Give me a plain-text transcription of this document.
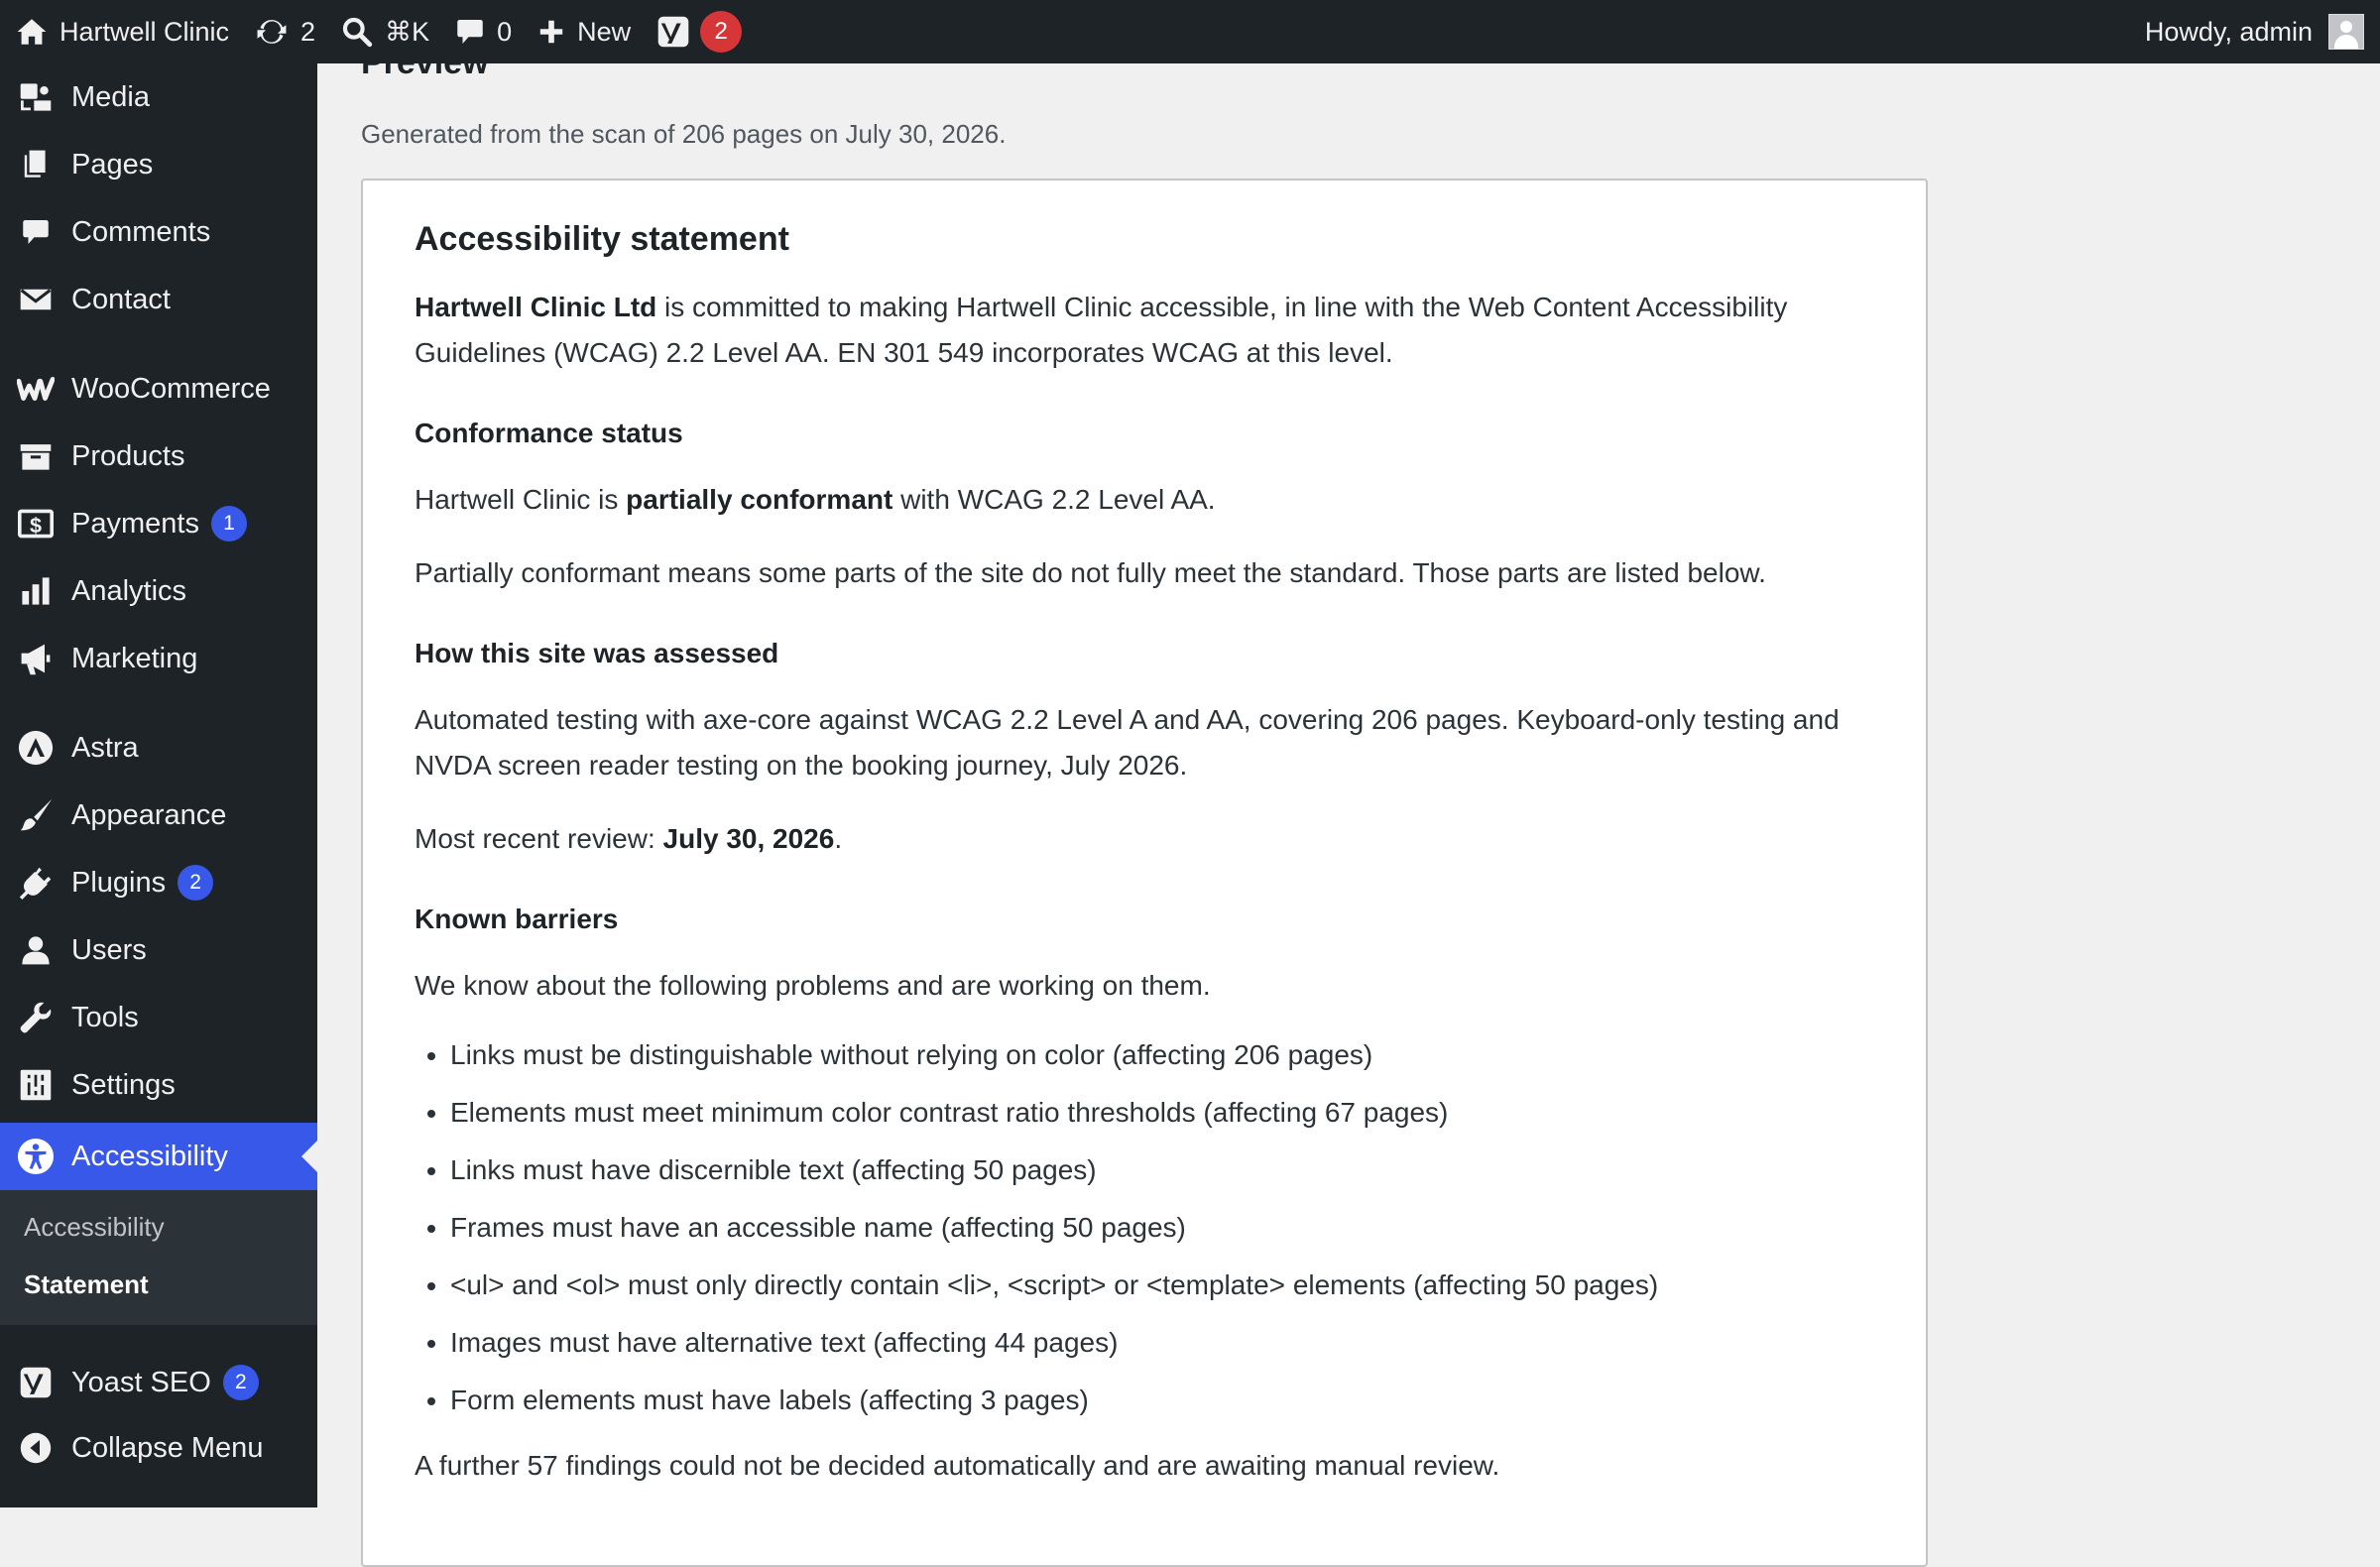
Hartwell Clinic	2	⌘K	0 New	2	Howdy, admin
Media
Pages
Comments
Contact
WooCommerce
Products
$ Payments	1
Analytics
Marketing
Astra
Appearance
Plugins	2
Users
Tools
Settings
Accessibility
Accessibility
Statement
Yoast SEO	2
Collapse Menu

Generated from the scan of 206 pages on July 30, 2026.

Accessibility statement

Hartwell Clinic Ltd is committed to making Hartwell Clinic accessible, in line with the Web Content Accessibility Guidelines (WCAG) 2.2 Level AA. EN 301 549 incorporates WCAG at this level.

Conformance status

Hartwell Clinic is partially conformant with WCAG 2.2 Level AA.

Partially conformant means some parts of the site do not fully meet the standard. Those parts are listed below.

How this site was assessed

Automated testing with axe-core against WCAG 2.2 Level A and AA, covering 206 pages. Keyboard-only testing and NVDA screen reader testing on the booking journey, July 2026.

Most recent review: July 30, 2026.

Known barriers

We know about the following problems and are working on them.

• Links must be distinguishable without relying on color (affecting 206 pages)
• Elements must meet minimum color contrast ratio thresholds (affecting 67 pages)
• Links must have discernible text (affecting 50 pages)
• Frames must have an accessible name (affecting 50 pages)
• <ul> and <ol> must only directly contain <li>, <script> or <template> elements (affecting 50 pages)
• Images must have alternative text (affecting 44 pages)
• Form elements must have labels (affecting 3 pages)

A further 57 findings could not be decided automatically and are awaiting manual review.
